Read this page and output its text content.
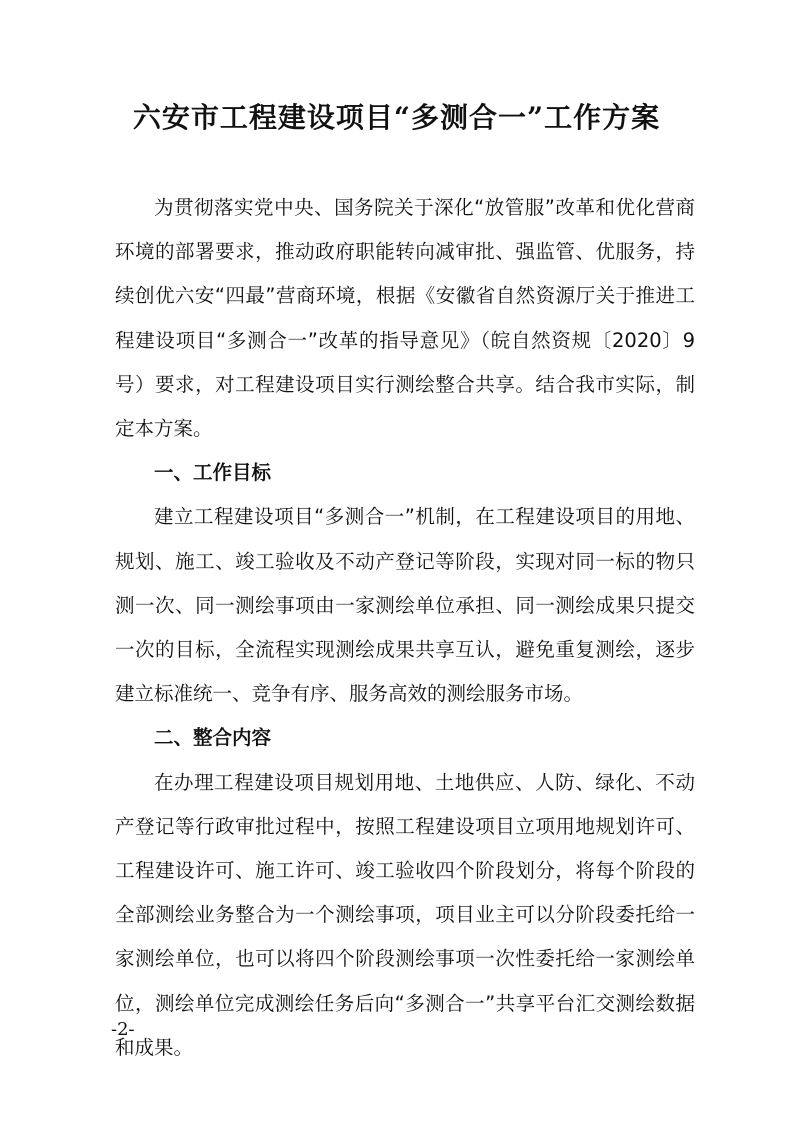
六安市工程建设项目“多测合一”工作方案

为贯彻落实党中央、国务院关于深化“放管服”改革和优化营商环境的部署要求，推动政府职能转向减审批、强监管、优服务，持续创优六安“四最”营商环境，根据《安徽省自然资源厅关于推进工程建设项目“多测合一”改革的指导意见》（皖自然资规〔2020〕9号）要求，对工程建设项目实行测绘整合共享。结合我市实际，制定本方案。

一、工作目标

建立工程建设项目“多测合一”机制，在工程建设项目的用地、规划、施工、竣工验收及不动产登记等阶段，实现对同一标的物只测一次、同一测绘事项由一家测绘单位承担、同一测绘成果只提交一次的目标，全流程实现测绘成果共享互认，避免重复测绘，逐步建立标准统一、竞争有序、服务高效的测绘服务市场。

二、整合内容

在办理工程建设项目规划用地、土地供应、人防、绿化、不动产登记等行政审批过程中，按照工程建设项目立项用地规划许可、工程建设许可、施工许可、竣工验收四个阶段划分，将每个阶段的全部测绘业务整合为一个测绘事项，项目业主可以分阶段委托给一家测绘单位，也可以将四个阶段测绘事项一次性委托给一家测绘单位，测绘单位完成测绘任务后向“多测合一”共享平台汇交测绘数据和成果。

-2-
